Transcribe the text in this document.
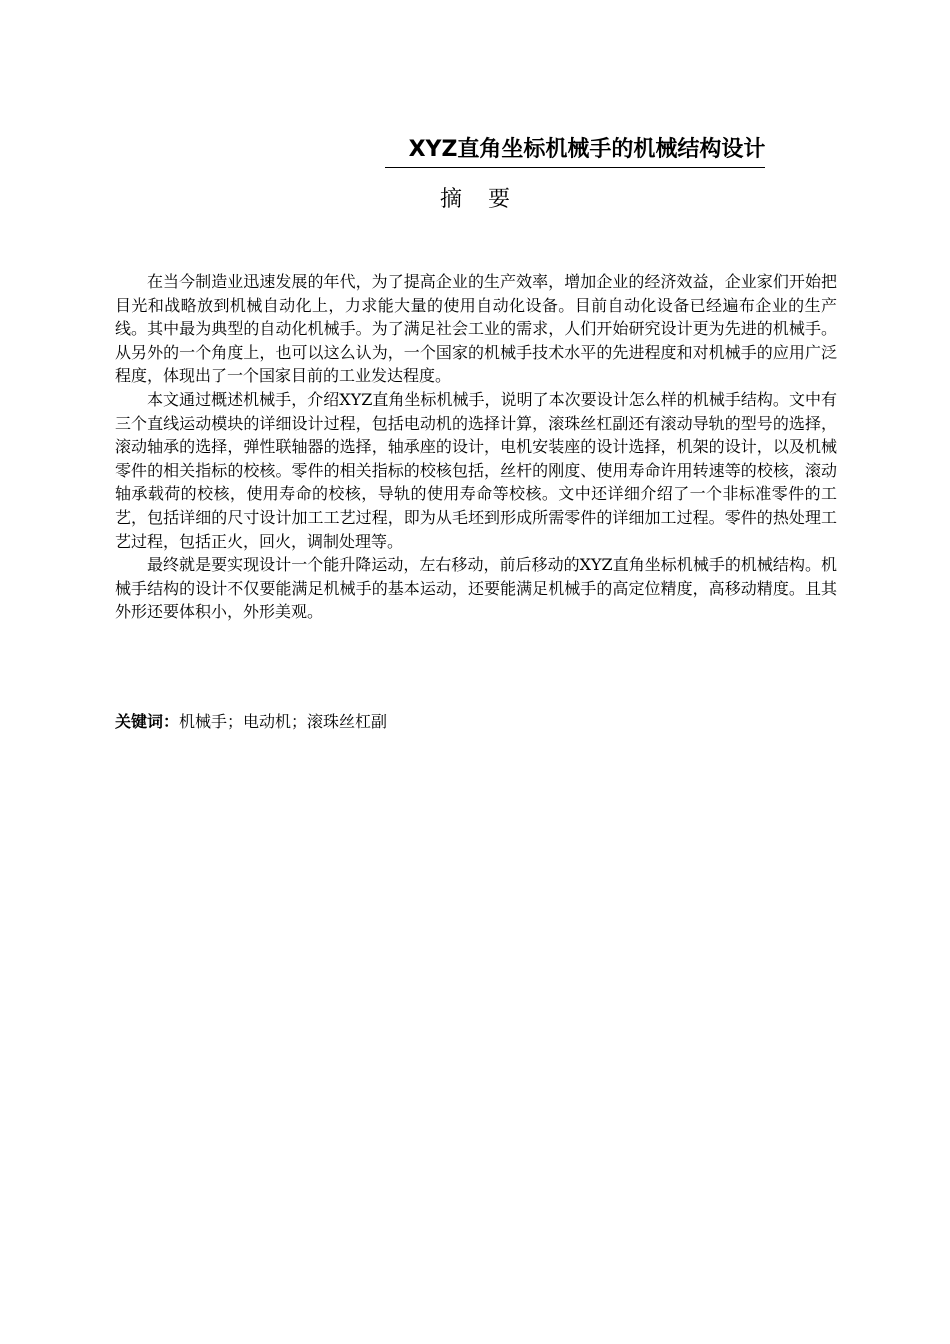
XYZ直角坐标机械手的机械结构设计
摘要

在当今制造业迅速发展的年代，为了提高企业的生产效率，增加企业的经济效益，企业家们开始把目光和战略放到机械自动化上，力求能大量的使用自动化设备。目前自动化设备已经遍布企业的生产线。其中最为典型的自动化机械手。为了满足社会工业的需求，人们开始研究设计更为先进的机械手。从另外的一个角度上，也可以这么认为，一个国家的机械手技术水平的先进程度和对机械手的应用广泛程度，体现出了一个国家目前的工业发达程度。

本文通过概述机械手，介绍XYZ直角坐标机械手，说明了本次要设计怎么样的机械手结构。文中有三个直线运动模块的详细设计过程，包括电动机的选择计算，滚珠丝杠副还有滚动导轨的型号的选择，滚动轴承的选择，弹性联轴器的选择，轴承座的设计，电机安装座的设计选择，机架的设计，以及机械零件的相关指标的校核。零件的相关指标的校核包括，丝杆的刚度、使用寿命许用转速等的校核，滚动轴承载荷的校核，使用寿命的校核，导轨的使用寿命等校核。文中还详细介绍了一个非标准零件的工艺，包括详细的尺寸设计加工工艺过程，即为从毛坯到形成所需零件的详细加工过程。零件的热处理工艺过程，包括正火，回火，调制处理等。

最终就是要实现设计一个能升降运动，左右移动，前后移动的XYZ直角坐标机械手的机械结构。机械手结构的设计不仅要能满足机械手的基本运动，还要能满足机械手的高定位精度，高移动精度。且其外形还要体积小，外形美观。

关键词：机械手；电动机；滚珠丝杠副
